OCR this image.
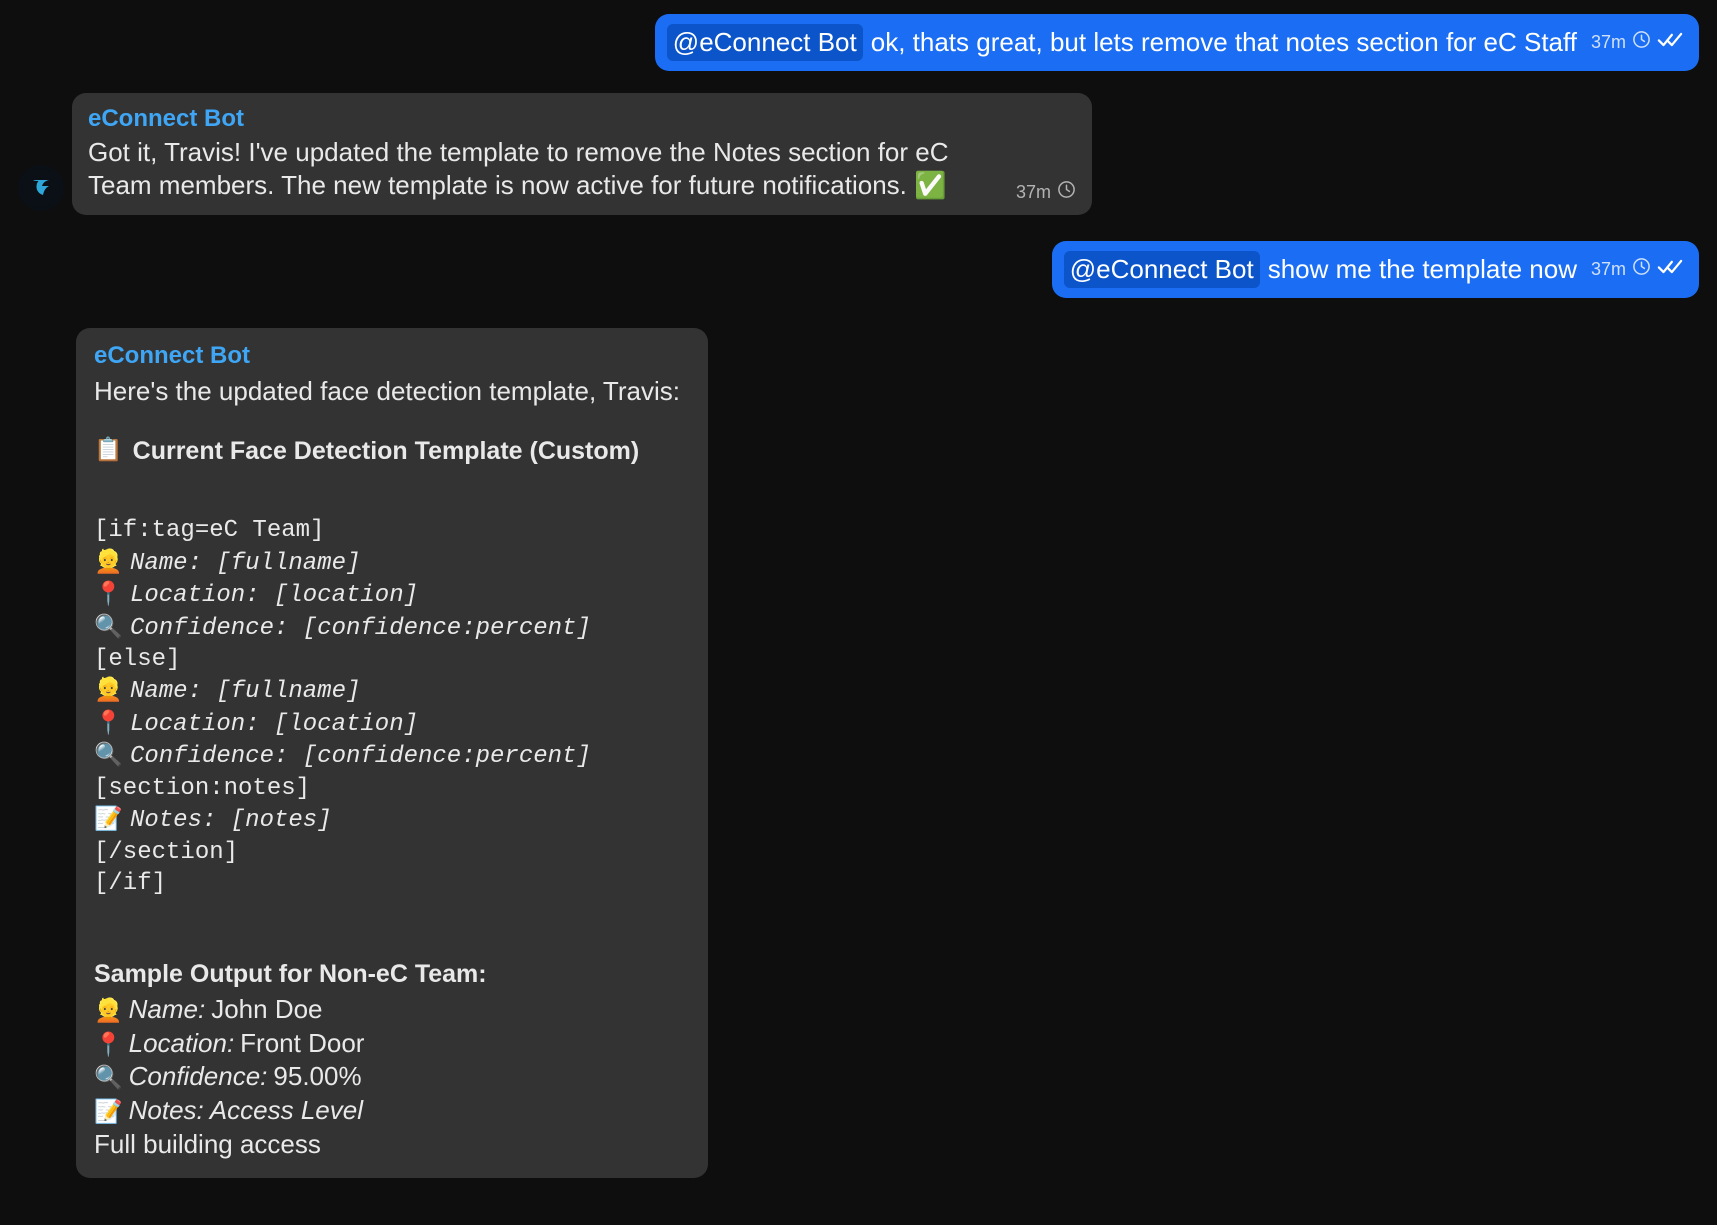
@eConnect Bot ok, thats great, but lets remove that notes section for eC Staff 37m
eConnect Bot
Got it, Travis! I've updated the template to remove the Notes section for eC Team members. The new template is now active for future notifications. ✅	37m
@eConnect Bot show me the template now 37m
eConnect Bot
Here's the updated face detection template, Travis:
📋 Current Face Detection Template (Custom)
[if:tag=eC Team]
👱 Name: [fullname]
📍 Location: [location]
🔍 Confidence: [confidence:percent]
[else]
👱 Name: [fullname]
📍 Location: [location]
🔍 Confidence: [confidence:percent]
[section:notes]
📝 Notes: [notes]
[/section]
[/if]
Sample Output for Non-eC Team:
👱 Name: John Doe
📍 Location: Front Door
🔍 Confidence: 95.00%
📝 Notes: Access Level
Full building access
